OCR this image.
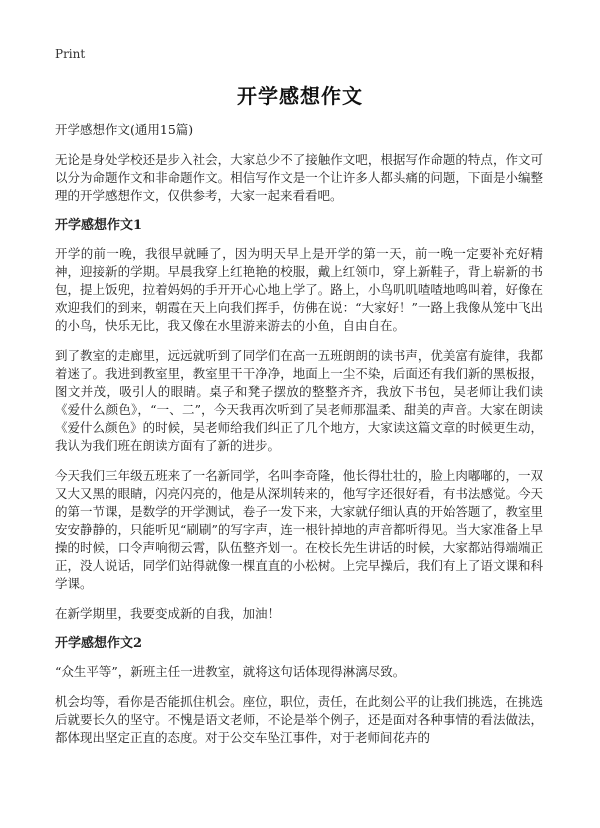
Print
开学感想作文

开学感想作文(通用15篇)

无论是身处学校还是步入社会，大家总少不了接触作文吧，根据写作命题的特点，作文可以分为命题作文和非命题作文。相信写作文是一个让许多人都头痛的问题，下面是小编整理的开学感想作文，仅供参考，大家一起来看看吧。

开学感想作文1

开学的前一晚，我很早就睡了，因为明天早上是开学的第一天，前一晚一定要补充好精神，迎接新的学期。早晨我穿上红艳艳的校服，戴上红领巾，穿上新鞋子，背上崭新的书包，提上饭兜，拉着妈妈的手开开心心地上学了。路上，小鸟叽叽喳喳地鸣叫着，好像在欢迎我们的到来，朝霞在天上向我们挥手，仿佛在说：“大家好！”一路上我像从笼中飞出的小鸟，快乐无比，我又像在水里游来游去的小鱼，自由自在。

到了教室的走廊里，远远就听到了同学们在高一五班朗朗的读书声，优美富有旋律，我都着迷了。我进到教室里，教室里干干净净，地面上一尘不染，后面还有我们新的黑板报，图文并茂，吸引人的眼睛。桌子和凳子摆放的整整齐齐，我放下书包，吴老师让我们读《爱什么颜色》，“一、二”，今天我再次听到了吴老师那温柔、甜美的声音。大家在朗读《爱什么颜色》的时候，吴老师给我们纠正了几个地方，大家读这篇文章的时候更生动，我认为我们班在朗读方面有了新的进步。

今天我们三年级五班来了一名新同学，名叫李奇隆，他长得壮壮的，脸上肉嘟嘟的，一双又大又黑的眼睛，闪亮闪亮的，他是从深圳转来的，他写字还很好看，有书法感觉。今天的第一节课，是数学的开学测试，卷子一发下来，大家就仔细认真的开始答题了，教室里安安静静的，只能听见“刷刷”的写字声，连一根针掉地的声音都听得见。当大家准备上早操的时候，口令声响彻云霄，队伍整齐划一。在校长先生讲话的时候，大家都站得端端正正，没人说话，同学们站得就像一棵直直的小松树。上完早操后，我们有上了语文课和科学课。

在新学期里，我要变成新的自我，加油！

开学感想作文2

“众生平等”，新班主任一进教室，就将这句话体现得淋漓尽致。

机会均等，看你是否能抓住机会。座位，职位，责任，在此刻公平的让我们挑选，在挑选后就要长久的坚守。不愧是语文老师，不论是举个例子，还是面对各种事情的看法做法，都体现出坚定正直的态度。对于公交车坠江事件，对于老师间花卉的
